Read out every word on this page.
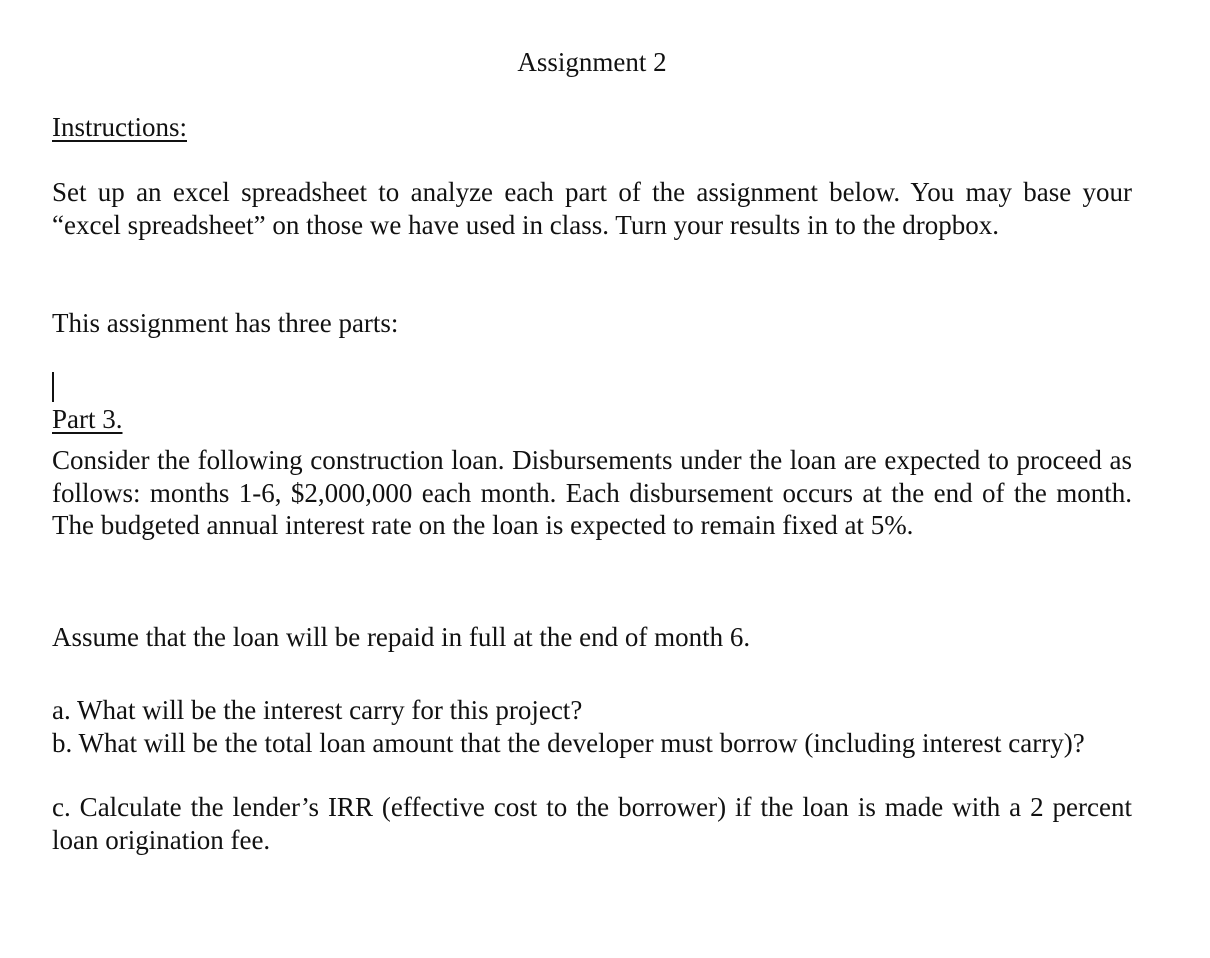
Assignment 2
Instructions:
Set up an excel spreadsheet to analyze each part of the assignment below. You may base your “excel spreadsheet” on those we have used in class. Turn your results in to the dropbox.
This assignment has three parts:
Part 3.
Consider the following construction loan. Disbursements under the loan are expected to proceed as follows: months 1-6, $2,000,000 each month. Each disbursement occurs at the end of the month. The budgeted annual interest rate on the loan is expected to remain fixed at 5%.
Assume that the loan will be repaid in full at the end of month 6.
a. What will be the interest carry for this project?
b. What will be the total loan amount that the developer must borrow (including interest carry)?
c. Calculate the lender’s IRR (effective cost to the borrower) if the loan is made with a 2 percent loan origination fee.
